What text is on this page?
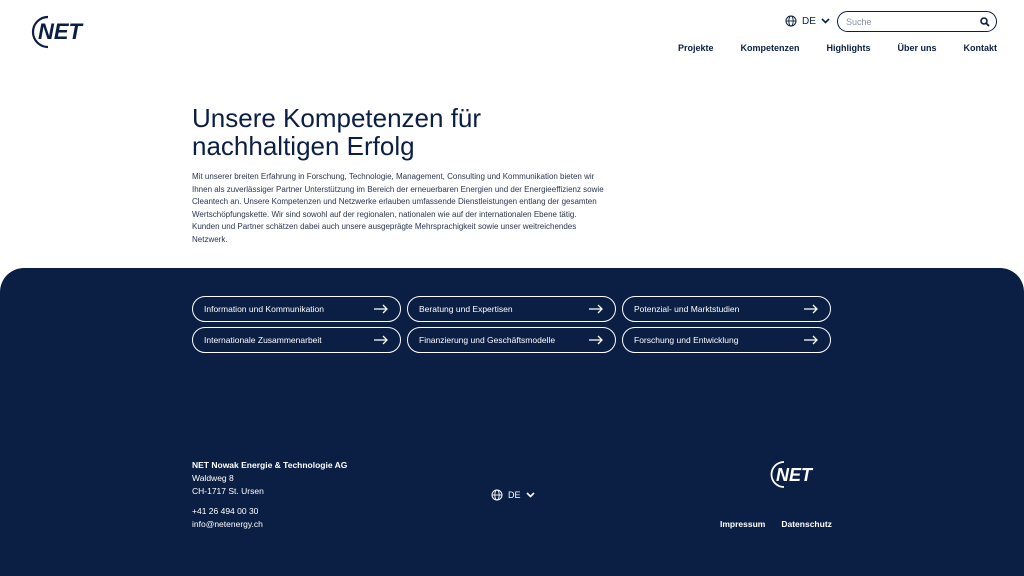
NET	DE
Suche
Projekte	Kompetenzen	Highlights	Über uns	Kontakt
Unsere Kompetenzen für
nachhaltigen Erfolg

Mit unserer breiten Erfahrung in Forschung, Technologie, Management, Consulting und Kommunikation bieten wir Ihnen als zuverlässiger Partner Unterstützung im Bereich der erneuerbaren Energien und der Energieeffizienz sowie Cleantech an. Unsere Kompetenzen und Netzwerke erlauben umfassende Dienstleistungen entlang der gesamten Wertschöpfungskette. Wir sind sowohl auf der regionalen, nationalen wie auf der internationalen Ebene tätig. Kunden und Partner schätzen dabei auch unsere ausgeprägte Mehrsprachigkeit sowie unser weitreichendes Netzwerk.

Information und Kommunikation	Beratung und Expertisen	Potenzial- und Marktstudien
Internationale Zusammenarbeit	Finanzierung und Geschäftsmodelle	Forschung und Entwicklung
NET Nowak Energie & Technologie AG
Waldweg 8
CH-1717 St. Ursen
+41 26 494 00 30
info@netenergy.ch
DE
NET
Impressum Datenschutz
